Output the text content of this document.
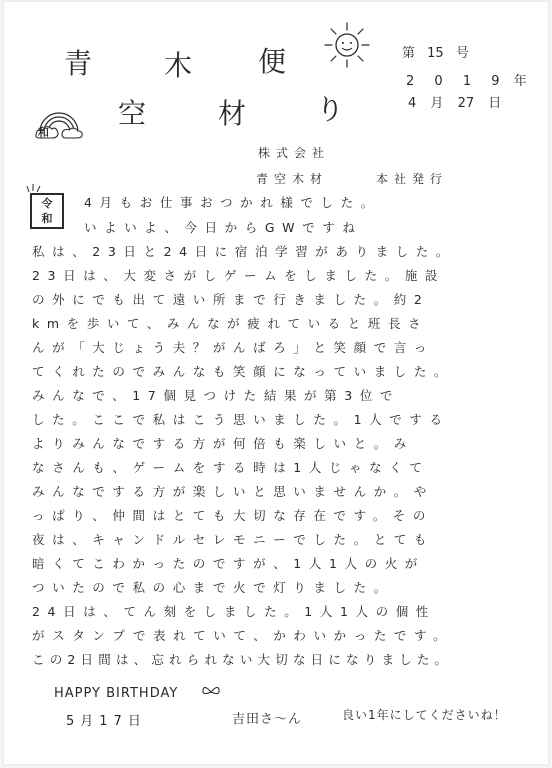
青	木 便	第 15 号
2 0 1 9 年
4 月 27 日
和
空	材 り
株式会社
青空木材	本社発行
令
和
4月もお仕事おつかれ様でした。
いよいよ、今日からGWですね
私は、23日と24日に宿泊学習がありました。
23日は、大変さがしゲームをしました。施設
の外にでも出て遠い所まで行きました。約2
kmを歩いて、みんなが疲れていると班長さ
んが「大じょう夫？がんばろ」と笑顔で言っ
てくれたのでみんなも笑顔になっていました。
みんなで、17個見つけた結果が第3位で
した。ここで私はこう思いました。1人でする
よりみんなでする方が何倍も楽しいと。み
なさんも、ゲームをする時は1人じゃなくて
みんなでする方が楽しいと思いませんか。や
っぱり、仲間はとても大切な存在です。その
夜は、キャンドルセレモニーでした。とても
暗くてこわかったのですが、1人1人の火が
ついたので私の心まで火で灯りました。
24日は、てん刻をしました。1人1人の個性
がスタンプで表れていて、かわいかったです。
この2日間は、忘れられない大切な日になりました。
HAPPY BIRTHDAY
5月17日	吉田さ～ん	良い1年にしてくださいね！
